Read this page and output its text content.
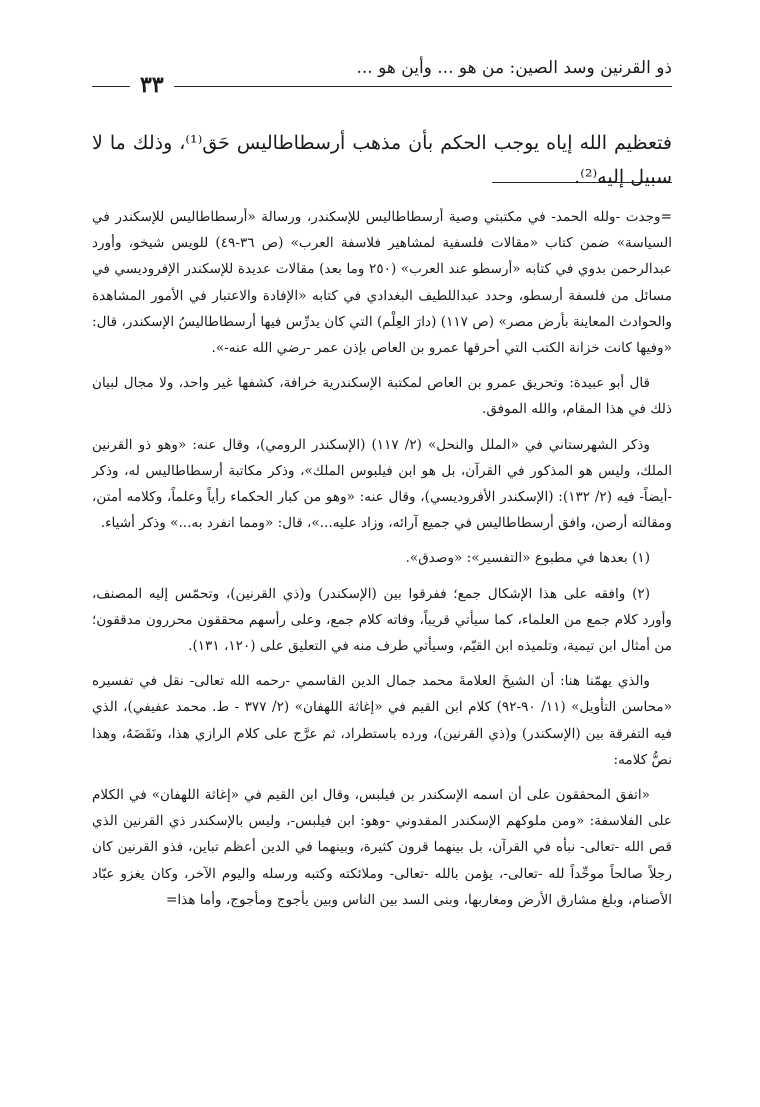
ذو القرنين وسد الصين: من هو ... وأين هو ...
٣٣
فتعظيم الله إياه يوجب الحكم بأن مذهب أرسطاطاليس حَق⁽¹⁾، وذلك ما لا سبيل إليه⁽²⁾.

=وجدت -ولله الحمد- في مكتبتي وصية أرسطاطاليس للإسكندر، ورسالة «أرسطاطاليس للإسكندر في السياسة» ضمن كتاب «مقالات فلسفية لمشاهير فلاسفة العرب» (ص ٣٦-٤٩) للويس شيخو، وأورد عبدالرحمن بدوي في كتابه «أرسطو عند العرب» (٢٥٠ وما بعد) مقالات عديدة للإسكندر الإفروديسي في مسائل من فلسفة أرسطو، وحدد عبداللطيف البغدادي في كتابه «الإفادة والاعتبار في الأمور المشاهدة والحوادث المعاينة بأرض مصر» (ص ١١٧) (دارَ العِلْم) التي كان يدرِّس فيها أرسطاطاليسُ الإسكندر، قال: «وفيها كانت خزانة الكتب التي أحرقها عمرو بن العاص بإذن عمر -رضي الله عنه-».

قال أبو عبيدة: وتحريق عمرو بن العاص لمكتبة الإسكندرية خرافة، كشفها غير واحد، ولا مجال لبيان ذلك في هذا المقام، والله الموفق.

وذكر الشهرستاني في «الملل والنحل» (٢/ ١١٧) (الإسكندر الرومي)، وقال عنه: «وهو ذو القرنين الملك، وليس هو المذكور في القرآن، بل هو ابن فيلبوس الملك»، وذكر مكاتبة أرسطاطاليس له، وذكر -أيضاً- فيه (٢/ ١٣٢): (الإسكندر الأفروديسي)، وقال عنه: «وهو من كبار الحكماء رأياً وعلماً، وكلامه أمتن، ومقالته أرصن، وافق أرسطاطاليس في جميع آرائه، وزاد عليه...»، قال: «ومما انفرد به...» وذكر أشياء.

(١) بعدها في مطبوع «التفسير»: «وصدق».

(٢) وافقه على هذا الإشكال جمع؛ ففرقوا بين (الإسكندر) و(ذي القرنين)، وتحمّس إليه المصنف، وأورد كلام جمع من العلماء، كما سيأتي قريباً، وفاته كلام جمع، وعلى رأسهم محققون محررون مدققون؛ من أمثال ابن تيمية، وتلميذه ابن القيّم، وسيأتي طرف منه في التعليق على (١٢٠، ١٣١).

والذي يهمّنا هنا: أن الشيخَ العلامةَ محمد جمال الدين القاسمي -رحمه الله تعالى- نقل في تفسيره «محاسن التأويل» (١١/ ٩٠-٩٢) كلام ابن القيم في «إغاثة اللهفان» (٢/ ٣٧٧ - ط. محمد عفيفي)، الذي فيه التفرقة بين (الإسكندر) و(ذي القرنين)، ورده باستطراد، ثم عرَّج على كلام الرازي هذا، ونَقَضَهُ، وهذا نصُّ كلامه:

«اتفق المحققون على أن اسمه الإسكندر بن فيلبس، وقال ابن القيم في «إغاثة اللهفان» في الكلام على الفلاسفة: «ومن ملوكهم الإسكندر المقدوني -وهو: ابن فيلبس-، وليس بالإسكندر ذي القرنين الذي قص الله -تعالى- نبأه في القرآن، بل بينهما قرون كثيرة، وبينهما في الدين أعظم تباين، فذو القرنين كان رجلاً صالحاً موحِّداً لله -تعالى-، يؤمن بالله -تعالى- وملائكته وكتبه ورسله واليوم الآخر، وكان يغزو عبّاد الأصنام، وبلغ مشارق الأرض ومغاربها، وبنى السد بين الناس وبين يأجوج ومأجوج، وأما هذا=
